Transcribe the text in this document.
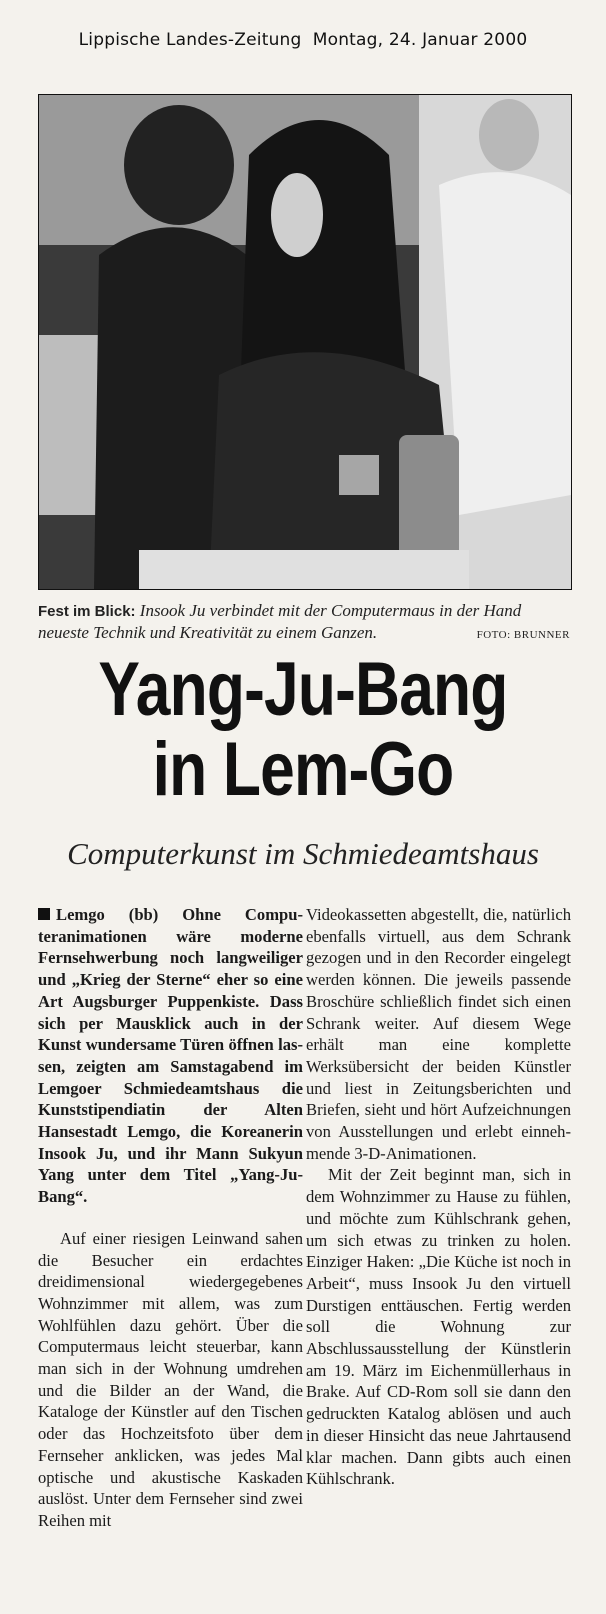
Lippische Landes-Zeitung Montag, 24. Januar 2000
Fest im Blick: Insook Ju verbindet mit der Computermaus in der Hand neueste Technik und Kreativität zu einem Ganzen.	FOTO: BRUNNER
Yang-Ju-Bang
in Lem-Go
Computerkunst im Schmiedeamtshaus

Lemgo (bb) Ohne Computeranimationen wäre moderne Fernsehwerbung noch langweiliger und „Krieg der Sterne“ eher so eine Art Augsburger Puppenkiste. Dass sich per Mausklick auch in der Kunst wundersame Türen öffnen lassen, zeigten am Samstagabend im Lemgoer Schmiedeamtshaus die Kunststipendiatin der Alten Hansestadt Lemgo, die Koreanerin Insook Ju, und ihr Mann Sukyun Yang unter dem Titel „Yang-Ju-Bang“.

Auf einer riesigen Leinwand sahen die Besucher ein erdachtes dreidimensional wiedergegebenes Wohnzimmer mit allem, was zum Wohlfühlen dazu gehört. Über die Computermaus leicht steuerbar, kann man sich in der Wohnung umdrehen und die Bilder an der Wand, die Kataloge der Künstler auf den Tischen oder das Hochzeitsfoto über dem Fernseher anklicken, was jedes Mal optische und akustische Kaskaden auslöst. Unter dem Fernseher sind zwei Reihen mit

Videokassetten abgestellt, die, natürlich ebenfalls virtuell, aus dem Schrank gezogen und in den Recorder eingelegt werden können. Die jeweils passende Broschüre schließlich findet sich einen Schrank weiter. Auf diesem Wege erhält man eine komplette Werksübersicht der beiden Künstler und liest in Zeitungsberichten und Briefen, sieht und hört Aufzeichnungen von Ausstellungen und erlebt einnehmende 3-D-Animationen.

Mit der Zeit beginnt man, sich in dem Wohnzimmer zu Hause zu fühlen, und möchte zum Kühlschrank gehen, um sich etwas zu trinken zu holen. Einziger Haken: „Die Küche ist noch in Arbeit“, muss Insook Ju den virtuell Durstigen enttäuschen. Fertig werden soll die Wohnung zur Abschlussausstellung der Künstlerin am 19. März im Eichenmüllerhaus in Brake. Auf CD-Rom soll sie dann den gedruckten Katalog ablösen und auch in dieser Hinsicht das neue Jahrtausend klar machen. Dann gibts auch einen Kühlschrank.
